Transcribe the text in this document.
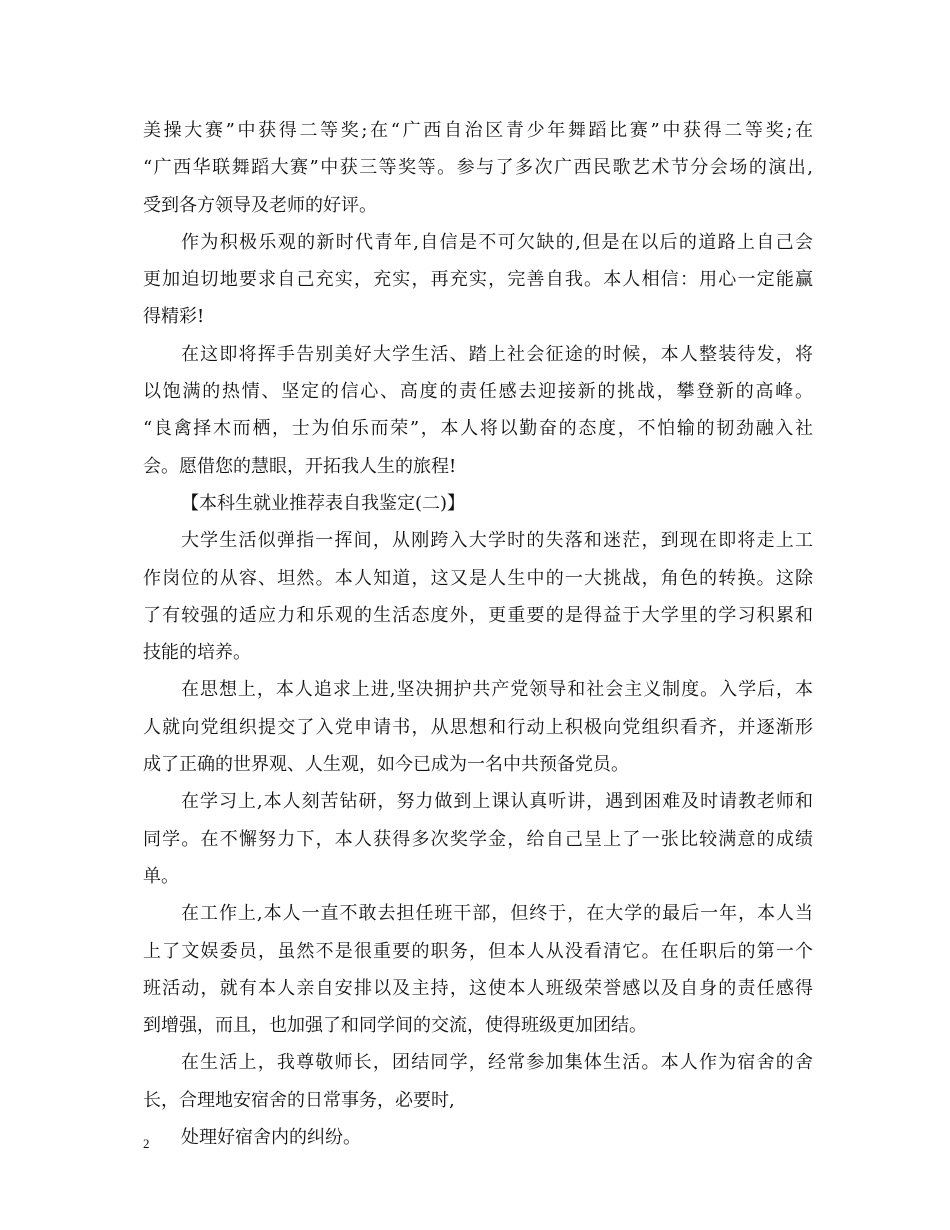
美操大赛”中获得二等奖;在“广西自治区青少年舞蹈比赛”中获得二等奖;在
“广西华联舞蹈大赛”中获三等奖等。参与了多次广西民歌艺术节分会场的演出,
受到各方领导及老师的好评。
作为积极乐观的新时代青年,自信是不可欠缺的,但是在以后的道路上自己会
更加迫切地要求自己充实，充实，再充实，完善自我。本人相信：用心一定能赢
得精彩!
在这即将挥手告别美好大学生活、踏上社会征途的时候，本人整装待发，将
以饱满的热情、坚定的信心、高度的责任感去迎接新的挑战，攀登新的高峰。
“良禽择木而栖，士为伯乐而荣”，本人将以勤奋的态度，不怕输的韧劲融入社
会。愿借您的慧眼，开拓我人生的旅程!
【本科生就业推荐表自我鉴定(二)】
大学生活似弹指一挥间，从刚跨入大学时的失落和迷茫，到现在即将走上工
作岗位的从容、坦然。本人知道，这又是人生中的一大挑战，角色的转换。这除
了有较强的适应力和乐观的生活态度外，更重要的是得益于大学里的学习积累和
技能的培养。
在思想上，本人追求上进,坚决拥护共产党领导和社会主义制度。入学后，本
人就向党组织提交了入党申请书，从思想和行动上积极向党组织看齐，并逐渐形
成了正确的世界观、人生观，如今已成为一名中共预备党员。
在学习上,本人刻苦钻研，努力做到上课认真听讲，遇到困难及时请教老师和
同学。在不懈努力下，本人获得多次奖学金，给自己呈上了一张比较满意的成绩
单。
在工作上,本人一直不敢去担任班干部，但终于，在大学的最后一年，本人当
上了文娱委员，虽然不是很重要的职务，但本人从没看清它。在任职后的第一个
班活动，就有本人亲自安排以及主持，这使本人班级荣誉感以及自身的责任感得
到增强，而且，也加强了和同学间的交流，使得班级更加团结。
在生活上，我尊敬师长，团结同学，经常参加集体生活。本人作为宿舍的舍
长，合理地安宿舍的日常事务，必要时,
处理好宿舍内的纠纷。
2
